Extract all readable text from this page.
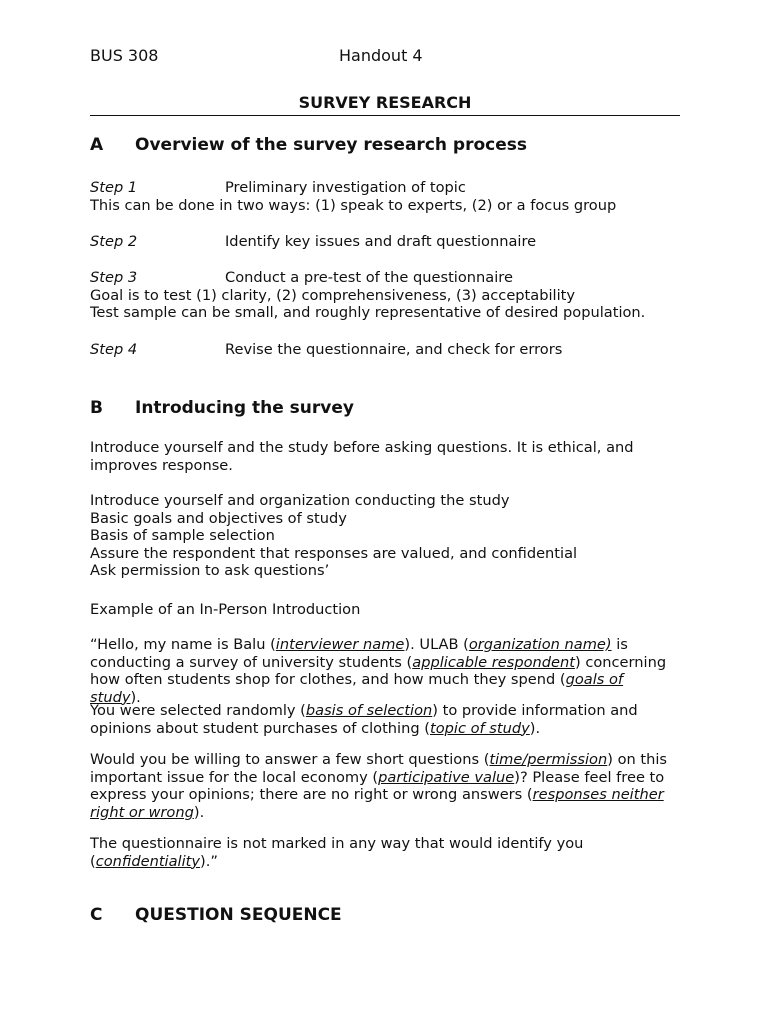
BUS 308	Handout 4
SURVEY RESEARCH
A Overview of the survey research process
Step 1	Preliminary investigation of topic
This can be done in two ways: (1) speak to experts, (2) or a focus group
Step 2	Identify key issues and draft questionnaire
Step 3	Conduct a pre-test of the questionnaire
Goal is to test (1) clarity, (2) comprehensiveness, (3) acceptability
Test sample can be small, and roughly representative of desired population.
Step 4	Revise the questionnaire, and check for errors
B Introducing the survey

Introduce yourself and the study before asking questions. It is ethical, and improves response.

Introduce yourself and organization conducting the study
Basic goals and objectives of study
Basis of sample selection
Assure the respondent that responses are valued, and confidential
Ask permission to ask questions’
Example of an In-Person Introduction

“Hello, my name is Balu (interviewer name). ULAB (organization name) is conducting a survey of university students (applicable respondent) concerning how often students shop for clothes, and how much they spend (goals of study).

You were selected randomly (basis of selection) to provide information and opinions about student purchases of clothing (topic of study).

Would you be willing to answer a few short questions (time/permission) on this important issue for the local economy (participative value)? Please feel free to express your opinions; there are no right or wrong answers (responses neither right or wrong).

The questionnaire is not marked in any way that would identify you (confidentiality).”

C QUESTION SEQUENCE
